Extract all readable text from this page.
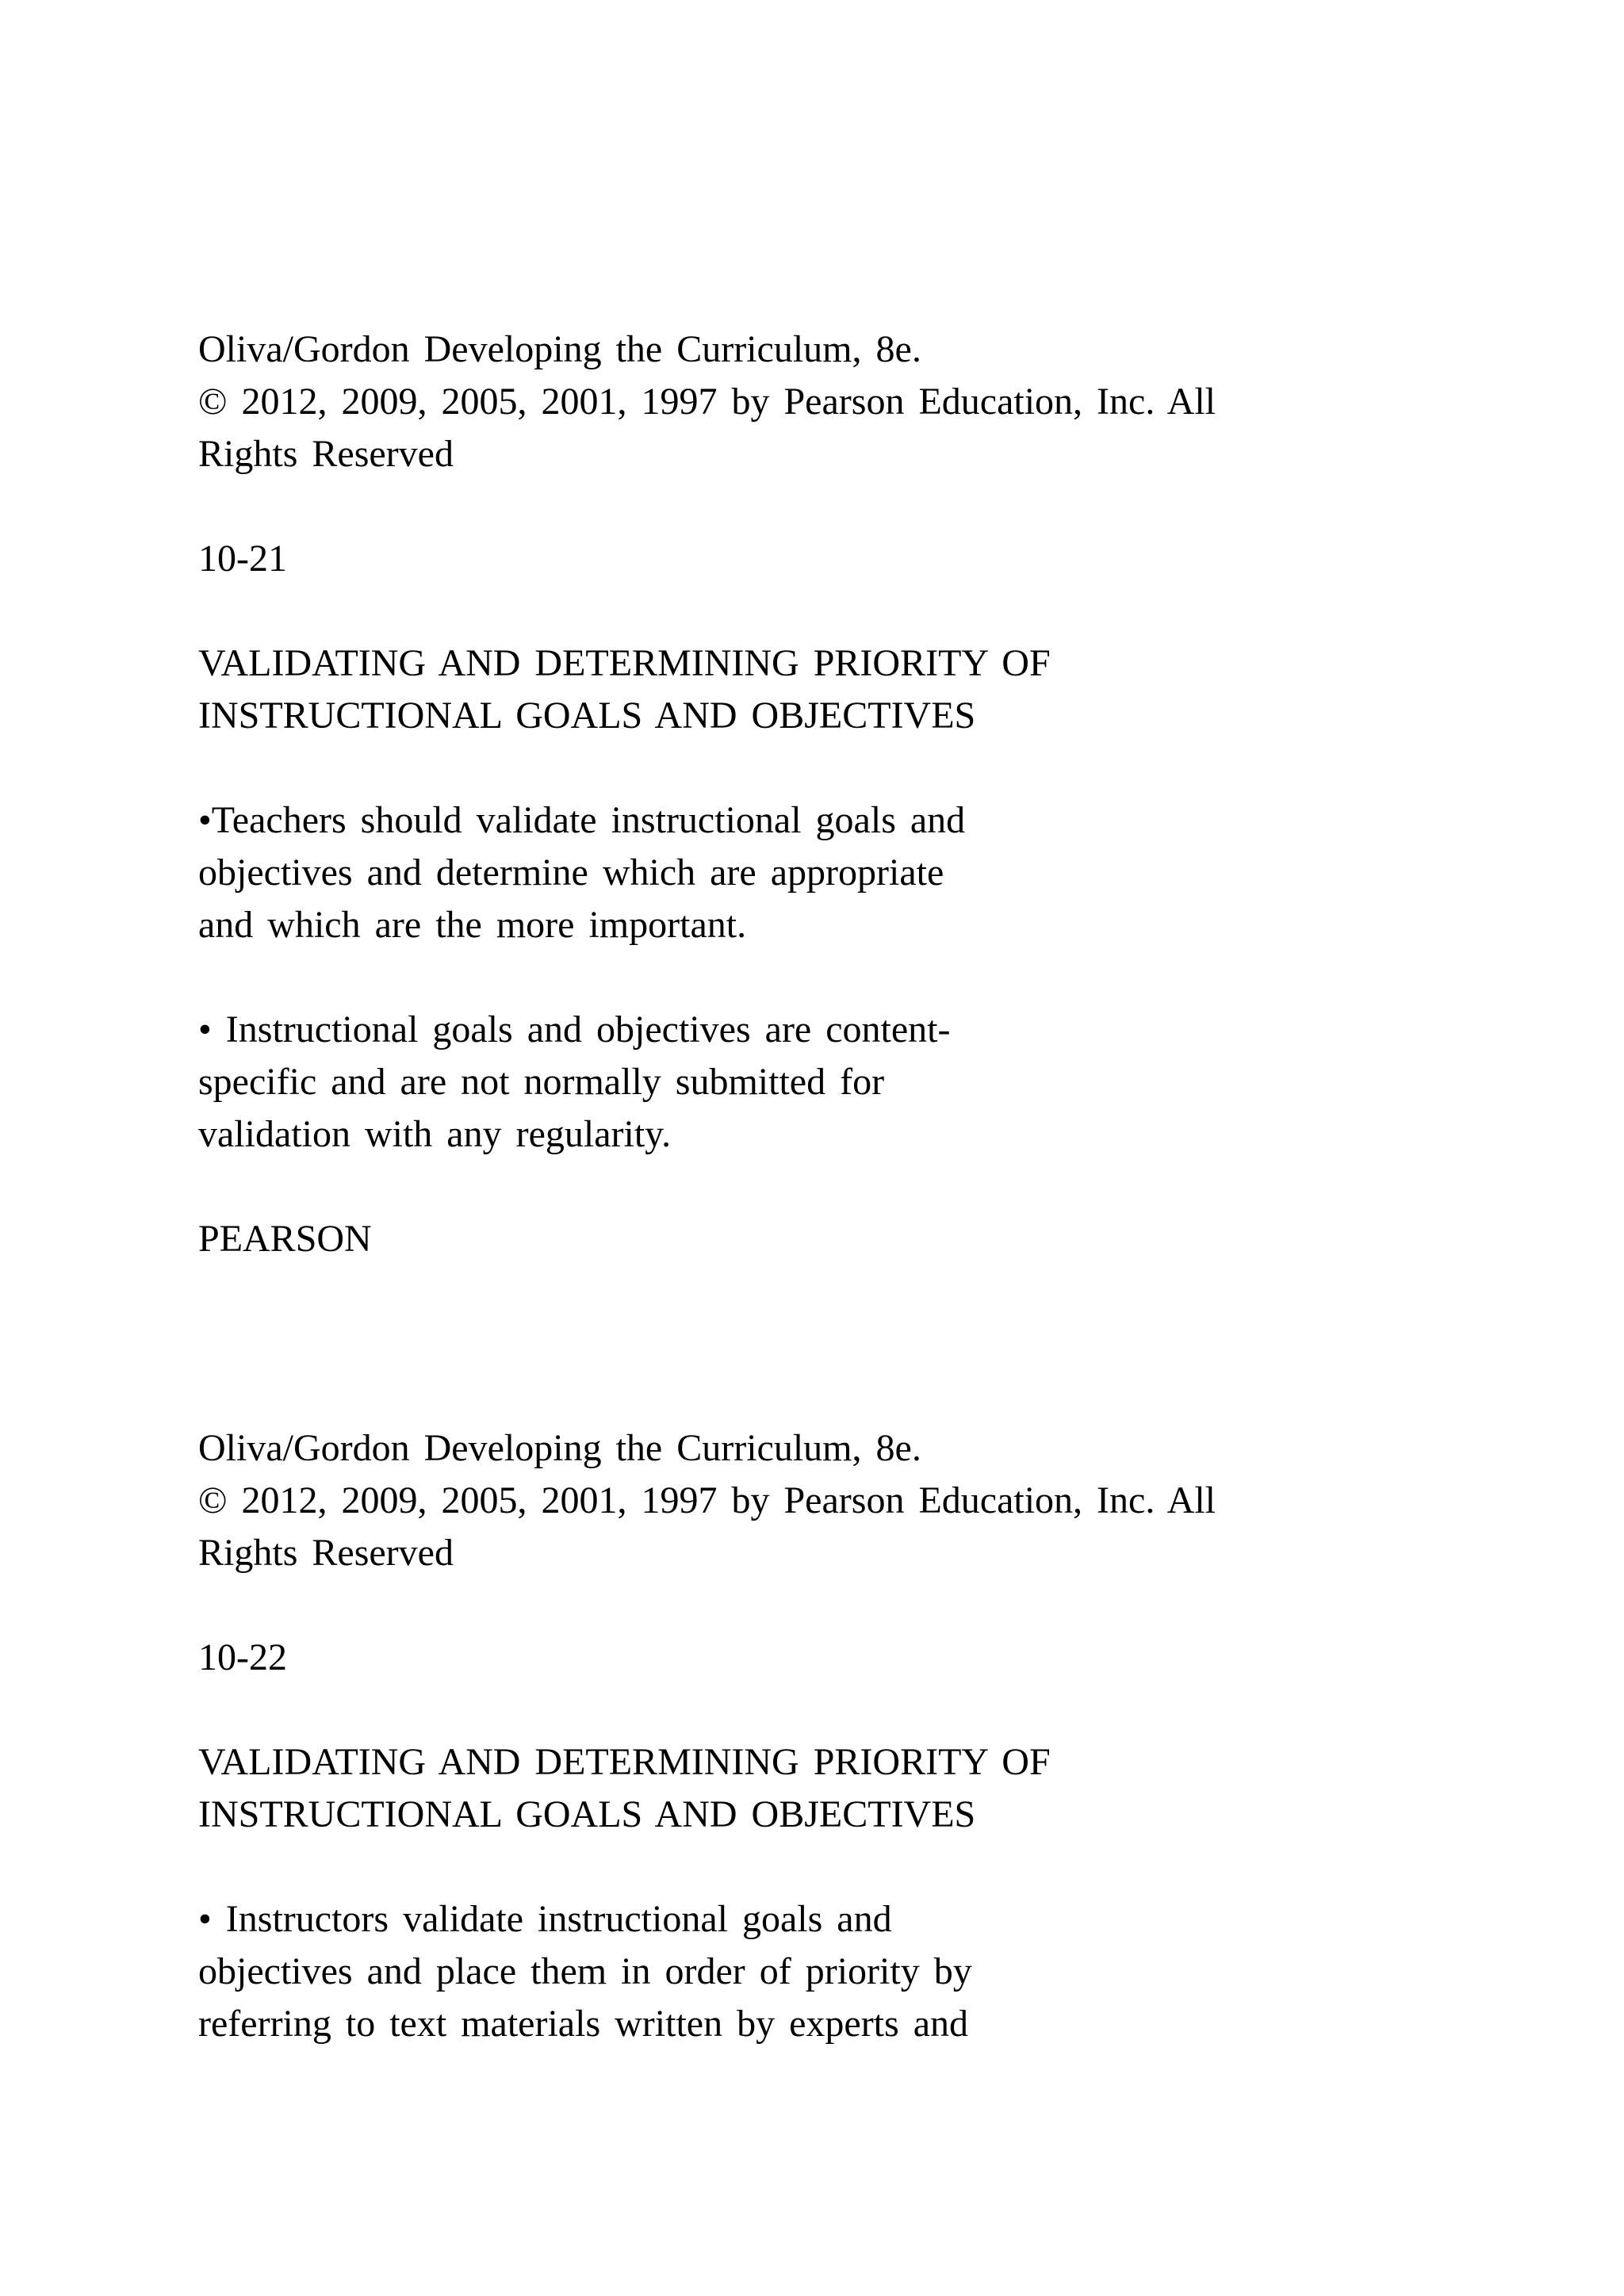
Oliva/Gordon Developing the Curriculum, 8e.
© 2012, 2009, 2005, 2001, 1997 by Pearson Education, Inc. All
Rights Reserved
10-21
VALIDATING AND DETERMINING PRIORITY OF
INSTRUCTIONAL GOALS AND OBJECTIVES
•Teachers should validate instructional goals and
objectives and determine which are appropriate
and which are the more important.
• Instructional goals and objectives are content-
specific and are not normally submitted for
validation with any regularity.
PEARSON
Oliva/Gordon Developing the Curriculum, 8e.
© 2012, 2009, 2005, 2001, 1997 by Pearson Education, Inc. All
Rights Reserved
10-22
VALIDATING AND DETERMINING PRIORITY OF
INSTRUCTIONAL GOALS AND OBJECTIVES
• Instructors validate instructional goals and
objectives and place them in order of priority by
referring to text materials written by experts and
